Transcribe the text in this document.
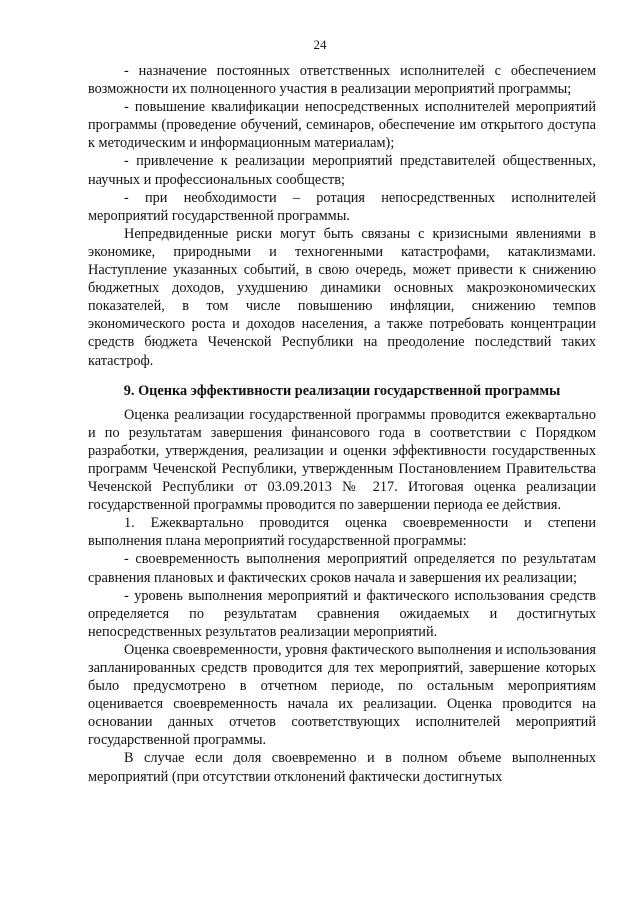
24

- назначение постоянных ответственных исполнителей с обеспечением возможности их полноценного участия в реализации мероприятий программы;

- повышение квалификации непосредственных исполнителей мероприятий программы (проведение обучений, семинаров, обеспечение им открытого доступа к методическим и информационным материалам);

- привлечение к реализации мероприятий представителей общественных, научных и профессиональных сообществ;

- при необходимости – ротация непосредственных исполнителей мероприятий государственной программы.

Непредвиденные риски могут быть связаны с кризисными явлениями в экономике, природными и техногенными катастрофами, катаклизмами. Наступление указанных событий, в свою очередь, может привести к снижению бюджетных доходов, ухудшению динамики основных макроэкономических показателей, в том числе повышению инфляции, снижению темпов экономического роста и доходов населения, а также потребовать концентрации средств бюджета Чеченской Республики на преодоление последствий таких катастроф.

9. Оценка эффективности реализации государственной программы

Оценка реализации государственной программы проводится ежеквартально и по результатам завершения финансового года в соответствии с Порядком разработки, утверждения, реализации и оценки эффективности государственных программ Чеченской Республики, утвержденным Постановлением Правительства Чеченской Республики от 03.09.2013 № 217. Итоговая оценка реализации государственной программы проводится по завершении периода ее действия.

1. Ежеквартально проводится оценка своевременности и степени выполнения плана мероприятий государственной программы:

- своевременность выполнения мероприятий определяется по результатам сравнения плановых и фактических сроков начала и завершения их реализации;

- уровень выполнения мероприятий и фактического использования средств определяется по результатам сравнения ожидаемых и достигнутых непосредственных результатов реализации мероприятий.

Оценка своевременности, уровня фактического выполнения и использования запланированных средств проводится для тех мероприятий, завершение которых было предусмотрено в отчетном периоде, по остальным мероприятиям оценивается своевременность начала их реализации. Оценка проводится на основании данных отчетов соответствующих исполнителей мероприятий государственной программы.

В случае если доля своевременно и в полном объеме выполненных мероприятий (при отсутствии отклонений фактически достигнутых
